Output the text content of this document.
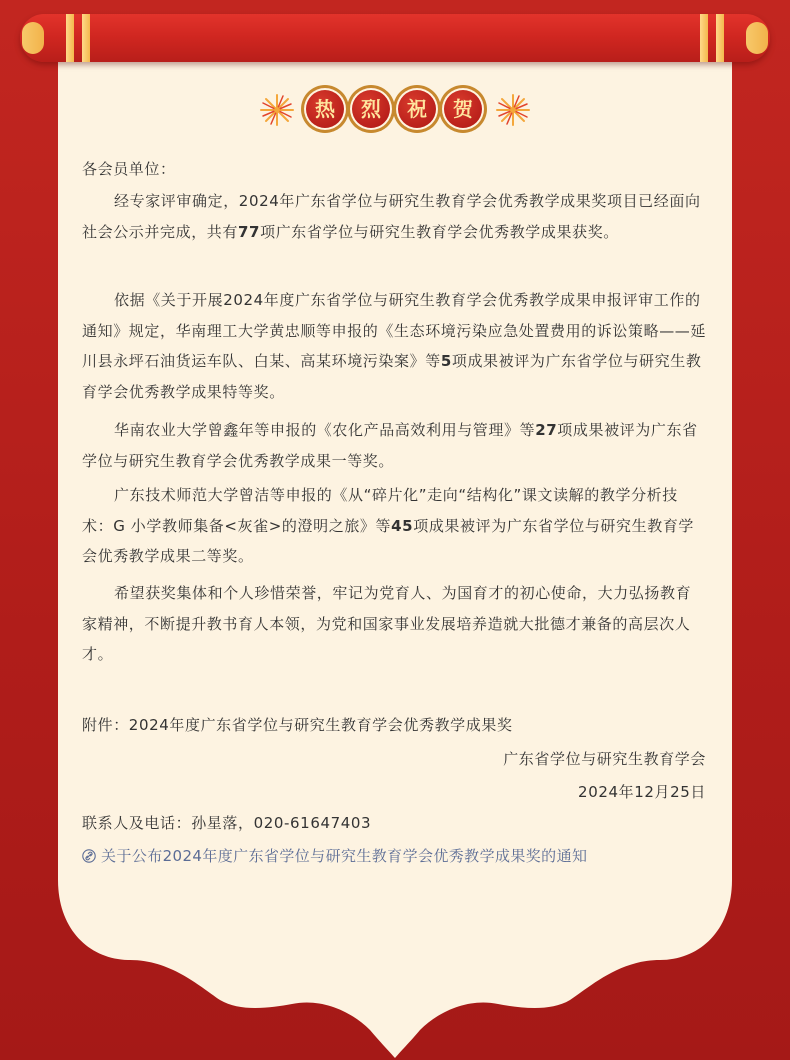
热	烈	祝	贺

各会员单位：

经专家评审确定，2024年广东省学位与研究生教育学会优秀教学成果奖项目已经面向社会公示并完成，共有77项广东省学位与研究生教育学会优秀教学成果获奖。

依据《关于开展2024年度广东省学位与研究生教育学会优秀教学成果申报评审工作的通知》规定，华南理工大学黄忠顺等申报的《生态环境污染应急处置费用的诉讼策略——延川县永坪石油货运车队、白某、高某环境污染案》等5项成果被评为广东省学位与研究生教育学会优秀教学成果特等奖。

华南农业大学曾鑫年等申报的《农化产品高效利用与管理》等27项成果被评为广东省学位与研究生教育学会优秀教学成果一等奖。

广东技术师范大学曾洁等申报的《从“碎片化”走向“结构化”课文读解的教学分析技术：G 小学教师集备<灰雀>的澄明之旅》等45项成果被评为广东省学位与研究生教育学会优秀教学成果二等奖。

希望获奖集体和个人珍惜荣誉，牢记为党育人、为国育才的初心使命，大力弘扬教育家精神，不断提升教书育人本领，为党和国家事业发展培养造就大批德才兼备的高层次人才。

附件：2024年度广东省学位与研究生教育学会优秀教学成果奖

广东省学位与研究生教育学会
2024年12月25日

联系人及电话：孙星落，020-61647403

关于公布2024年度广东省学位与研究生教育学会优秀教学成果奖的通知
